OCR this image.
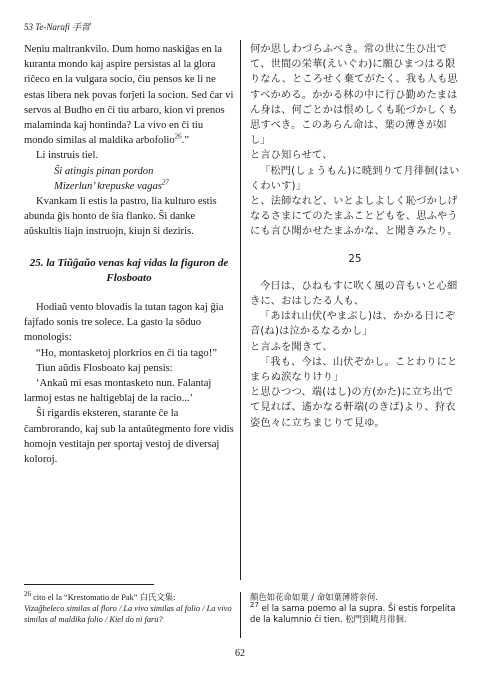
53 Te-Narafi 手習

Neniu maltrankvilo. Dum homo naskiĝas en la kuranta mondo kaj aspire persistas al la glora riĉeco en la vulgara socio, ĉiu pensos ke li ne estas libera nek povas forĵeti la socion. Sed ĉar vi servos al Budho en ĉi tiu arbaro, kion vi prenos malaminda kaj hontinda? La vivo en ĉi tiu mondo similas al maldika arbofolio$^{26}$.”

Li instruis tiel.

Ŝi atingis pinan pordon

Mizerlun’ krepuske vagas$^{27}$

Kvankam li estis la pastro, lia kulturo estis abunda ĝis honto de ŝia flanko. Ŝi danke aŭskultis liajn instruojn, kiujn ŝi deziris.

25. la Tiŭĝaŭo venas kaj vidas la figuron de Flosboato

Hodiaŭ vento blovadis la tutan tagon kaj ĝia fajfado sonis tre solece. La gasto la sôduo monologis:

“Ho, montasketoj plorkrios en ĉi tia tago!”

Tiun aŭdis Flosboato kaj pensis:

‘Ankaŭ mi esas montasketo nun. Falantaj larmoj estas ne haltigeblaj de la racio...’

Ŝi rigardis eksteren, starante ĉe la ĉambrorando, kaj sub la antaŭtegmento fore vidis homojn vestitajn per sportaj vestoj de diversaj koloroj.

何か思しわづらふべき。常の世に生ひ出でて、世間の栄華(えいぐわ)に願ひまつはる限りなん、ところせく棄てがたく、我も人も思すべかめる。かかる林の中に行ひ勤めたまはん身は、何ごとかは恨めしくも恥づかしくも思すべき。このあらん命は、葉の薄きが如し」

と言ひ知らせて、

「松門(しょうもん)に暁到りて月徘徊(はいくわいす)」

と、法師なれど、いとよしよしく恥づかしげなるさまにてのたまふことどもを、思ふやうにも言ひ聞かせたまふかな、と聞きみたり。

25

今日は、ひねもすに吹く風の音もいと心細きに、おはしたる人も、

「あはれ山伏(やまぶし)は、かかる日にぞ音(ね)は泣かるなるかし」

と言ふを聞きて、

「我も、今は、山伏ぞかし。ことわりにとまらぬ涙なりけり」

と思ひつつ、端(はし)の方(かた)に立ち出でて見れば、遙かなる軒端(のきば)より、狩衣姿色々に立ちまじりて見ゆ。

$^{26}$ cito el la “Krestomatio de Pak” 白氏文集:
Vizaĝbeleco similas al floro / La vivo similas al folio / La vivo similas al maldika folio / Kiel do ni faru?
顏色如花命如葉 / 命如葉薄將奈何.
$^{27}$ el la sama poemo al la supra. Ŝi estis forpelita de la kalumnio ĉi tien. 松門到曉月徘徊.
62
